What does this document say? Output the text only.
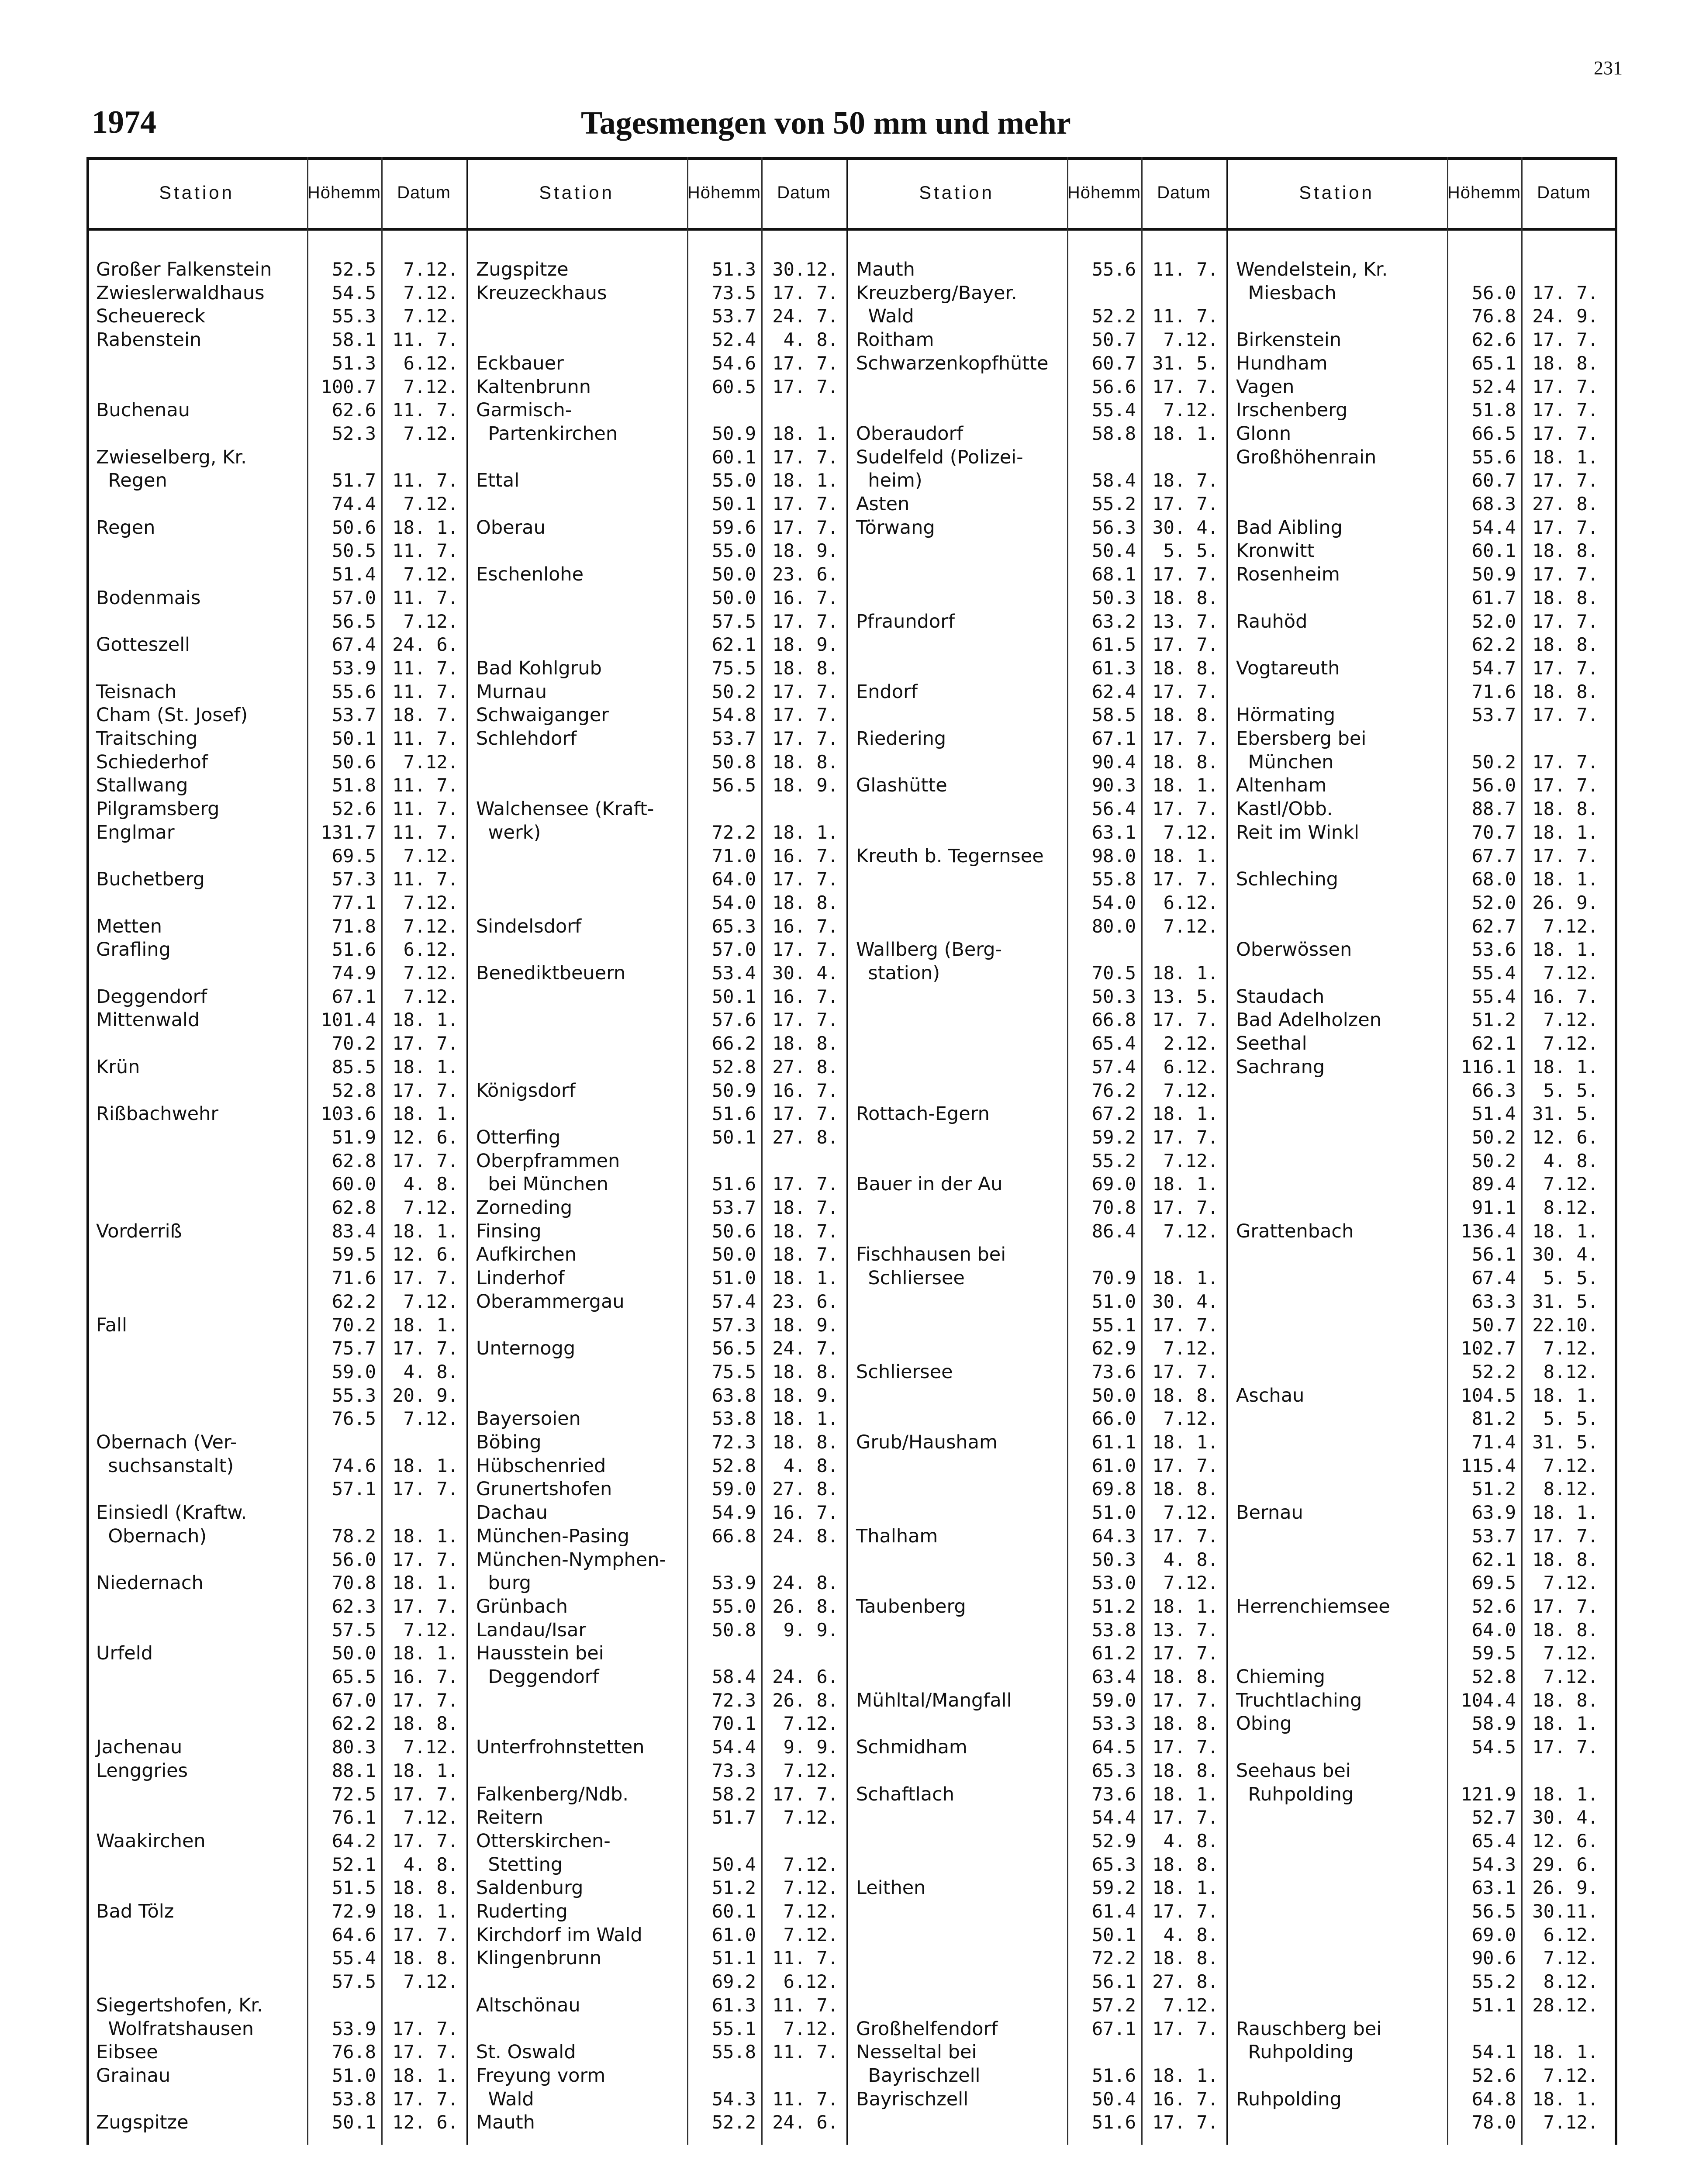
231
1974	Tagesmengen von 50 mm und mehr
Station	Höhe mm Datum
Großer Falkenstein	52.5	7.12.
Zwieslerwaldhaus	54.5	7.12.
Scheuereck	55.3	7.12.
Rabenstein	58.1 11. 7.
51.3	6.12.
100.7	7.12.
Buchenau	62.6 11. 7.
52.3	7.12.
Zwieselberg, Kr.
Regen	51.7 11. 7.
74.4	7.12.
Regen	50.6 18. 1.
50.5 11. 7.
51.4	7.12.
Bodenmais	57.0 11. 7.
56.5	7.12.
Gotteszell	67.4 24. 6.
53.9 11. 7.
Teisnach	55.6 11. 7.
Cham (St. Josef)	53.7 18. 7.
Traitsching	50.1 11. 7.
Schiederhof	50.6	7.12.
Stallwang	51.8 11. 7.
Pilgramsberg	52.6 11. 7.
Englmar	131.7 11. 7.
69.5	7.12.
Buchetberg	57.3 11. 7.
77.1	7.12.
Metten	71.8	7.12.
Grafling	51.6	6.12.
74.9	7.12.
Deggendorf	67.1	7.12.
Mittenwald	101.4 18. 1.
70.2 17. 7.
Krün	85.5 18. 1.
52.8 17. 7.
Rißbachwehr	103.6 18. 1.
51.9 12. 6.
62.8 17. 7.
60.0	4. 8.
62.8	7.12.
Vorderriß	83.4 18. 1.
59.5 12. 6.
71.6 17. 7.
62.2	7.12.
Fall	70.2 18. 1.
75.7 17. 7.
59.0	4. 8.
55.3 20. 9.
76.5	7.12.
Obernach (Ver-
suchsanstalt)	74.6 18. 1.
57.1 17. 7.
Einsiedl (Kraftw.
Obernach)	78.2 18. 1.
56.0 17. 7.
Niedernach	70.8 18. 1.
62.3 17. 7.
57.5	7.12.
Urfeld	50.0 18. 1.
65.5 16. 7.
67.0 17. 7.
62.2 18. 8.
Jachenau	80.3	7.12.
Lenggries	88.1 18. 1.
72.5 17. 7.
76.1	7.12.
Waakirchen	64.2 17. 7.
52.1	4. 8.
51.5 18. 8.
Bad Tölz	72.9 18. 1.
64.6 17. 7.
55.4 18. 8.
57.5	7.12.
Siegertshofen, Kr.
Wolfratshausen	53.9 17. 7.
Eibsee	76.8 17. 7.
Grainau	51.0 18. 1.
53.8 17. 7.
Zugspitze	50.1 12. 6.
Station	Höhe mm Datum
Zugspitze	51.3 30.12.
Kreuzeckhaus	73.5 17. 7.
53.7 24. 7.
52.4	4. 8.
Eckbauer	54.6 17. 7.
Kaltenbrunn	60.5 17. 7.
Garmisch-
Partenkirchen	50.9 18. 1.
60.1 17. 7.
Ettal	55.0 18. 1.
50.1 17. 7.
Oberau	59.6 17. 7.
55.0 18. 9.
Eschenlohe	50.0 23. 6.
50.0 16. 7.
57.5 17. 7.
62.1 18. 9.
Bad Kohlgrub	75.5 18. 8.
Murnau	50.2 17. 7.
Schwaiganger	54.8 17. 7.
Schlehdorf	53.7 17. 7.
50.8 18. 8.
56.5 18. 9.
Walchensee (Kraft-
werk)	72.2 18. 1.
71.0 16. 7.
64.0 17. 7.
54.0 18. 8.
Sindelsdorf	65.3 16. 7.
57.0 17. 7.
Benediktbeuern	53.4 30. 4.
50.1 16. 7.
57.6 17. 7.
66.2 18. 8.
52.8 27. 8.
Königsdorf	50.9 16. 7.
51.6 17. 7.
Otterfing	50.1 27. 8.
Oberpframmen
bei München	51.6 17. 7.
Zorneding	53.7 18. 7.
Finsing	50.6 18. 7.
Aufkirchen	50.0 18. 7.
Linderhof	51.0 18. 1.
Oberammergau	57.4 23. 6.
57.3 18. 9.
Unternogg	56.5 24. 7.
75.5 18. 8.
63.8 18. 9.
Bayersoien	53.8 18. 1.
Böbing	72.3 18. 8.
Hübschenried	52.8	4. 8.
Grunertshofen	59.0 27. 8.
Dachau	54.9 16. 7.
München-Pasing	66.8 24. 8.
München-Nymphen-
burg	53.9 24. 8.
Grünbach	55.0 26. 8.
Landau/Isar	50.8	9. 9.
Hausstein bei
Deggendorf	58.4 24. 6.
72.3 26. 8.
70.1	7.12.
Unterfrohnstetten	54.4	9. 9.
73.3	7.12.
Falkenberg/Ndb.	58.2 17. 7.
Reitern	51.7	7.12.
Otterskirchen-
Stetting	50.4	7.12.
Saldenburg	51.2	7.12.
Ruderting	60.1	7.12.
Kirchdorf im Wald	61.0	7.12.
Klingenbrunn	51.1 11. 7.
69.2	6.12.
Altschönau	61.3 11. 7.
55.1	7.12.
St. Oswald	55.8 11. 7.
Freyung vorm
Wald	54.3 11. 7.
Mauth	52.2 24. 6.
Station	Höhe mm Datum
Mauth	55.6 11. 7.
Kreuzberg/Bayer.
Wald	52.2 11. 7.
Roitham	50.7	7.12.
Schwarzenkopfhütte	60.7 31. 5.
56.6 17. 7.
55.4	7.12.
Oberaudorf	58.8 18. 1.
Sudelfeld (Polizei-
heim)	58.4 18. 7.
Asten	55.2 17. 7.
Törwang	56.3 30. 4.
50.4	5. 5.
68.1 17. 7.
50.3 18. 8.
Pfraundorf	63.2 13. 7.
61.5 17. 7.
61.3 18. 8.
Endorf	62.4 17. 7.
58.5 18. 8.
Riedering	67.1 17. 7.
90.4 18. 8.
Glashütte	90.3 18. 1.
56.4 17. 7.
63.1	7.12.
Kreuth b. Tegernsee	98.0 18. 1.
55.8 17. 7.
54.0	6.12.
80.0	7.12.
Wallberg (Berg-
station)	70.5 18. 1.
50.3 13. 5.
66.8 17. 7.
65.4	2.12.
57.4	6.12.
76.2	7.12.
Rottach-Egern	67.2 18. 1.
59.2 17. 7.
55.2	7.12.
Bauer in der Au	69.0 18. 1.
70.8 17. 7.
86.4	7.12.
Fischhausen bei
Schliersee	70.9 18. 1.
51.0 30. 4.
55.1 17. 7.
62.9	7.12.
Schliersee	73.6 17. 7.
50.0 18. 8.
66.0	7.12.
Grub/Hausham	61.1 18. 1.
61.0 17. 7.
69.8 18. 8.
51.0	7.12.
Thalham	64.3 17. 7.
50.3	4. 8.
53.0	7.12.
Taubenberg	51.2 18. 1.
53.8 13. 7.
61.2 17. 7.
63.4 18. 8.
Mühltal/Mangfall	59.0 17. 7.
53.3 18. 8.
Schmidham	64.5 17. 7.
65.3 18. 8.
Schaftlach	73.6 18. 1.
54.4 17. 7.
52.9	4. 8.
65.3 18. 8.
Leithen	59.2 18. 1.
61.4 17. 7.
50.1	4. 8.
72.2 18. 8.
56.1 27. 8.
57.2	7.12.
Großhelfendorf	67.1 17. 7.
Nesseltal bei
Bayrischzell	51.6 18. 1.
Bayrischzell	50.4 16. 7.
51.6 17. 7.
Station	Höhe mm Datum
Wendelstein, Kr.
Miesbach	56.0 17. 7.
76.8 24. 9.
Birkenstein	62.6 17. 7.
Hundham	65.1 18. 8.
Vagen	52.4 17. 7.
Irschenberg	51.8 17. 7.
Glonn	66.5 17. 7.
Großhöhenrain	55.6 18. 1.
60.7 17. 7.
68.3 27. 8.
Bad Aibling	54.4 17. 7.
Kronwitt	60.1 18. 8.
Rosenheim	50.9 17. 7.
61.7 18. 8.
Rauhöd	52.0 17. 7.
62.2 18. 8.
Vogtareuth	54.7 17. 7.
71.6 18. 8.
Hörmating	53.7 17. 7.
Ebersberg bei
München	50.2 17. 7.
Altenham	56.0 17. 7.
Kastl/Obb.	88.7 18. 8.
Reit im Winkl	70.7 18. 1.
67.7 17. 7.
Schleching	68.0 18. 1.
52.0 26. 9.
62.7	7.12.
Oberwössen	53.6 18. 1.
55.4	7.12.
Staudach	55.4 16. 7.
Bad Adelholzen	51.2	7.12.
Seethal	62.1	7.12.
Sachrang	116.1 18. 1.
66.3	5. 5.
51.4 31. 5.
50.2 12. 6.
50.2	4. 8.
89.4	7.12.
91.1	8.12.
Grattenbach	136.4 18. 1.
56.1 30. 4.
67.4	5. 5.
63.3 31. 5.
50.7 22.10.
102.7	7.12.
52.2	8.12.
Aschau	104.5 18. 1.
81.2	5. 5.
71.4 31. 5.
115.4	7.12.
51.2	8.12.
Bernau	63.9 18. 1.
53.7 17. 7.
62.1 18. 8.
69.5	7.12.
Herrenchiemsee	52.6 17. 7.
64.0 18. 8.
59.5	7.12.
Chieming	52.8	7.12.
Truchtlaching	104.4 18. 8.
Obing	58.9 18. 1.
54.5 17. 7.
Seehaus bei
Ruhpolding	121.9 18. 1.
52.7 30. 4.
65.4 12. 6.
54.3 29. 6.
63.1 26. 9.
56.5 30.11.
69.0	6.12.
90.6	7.12.
55.2	8.12.
51.1 28.12.
Rauschberg bei
Ruhpolding	54.1 18. 1.
52.6	7.12.
Ruhpolding	64.8 18. 1.
78.0	7.12.
